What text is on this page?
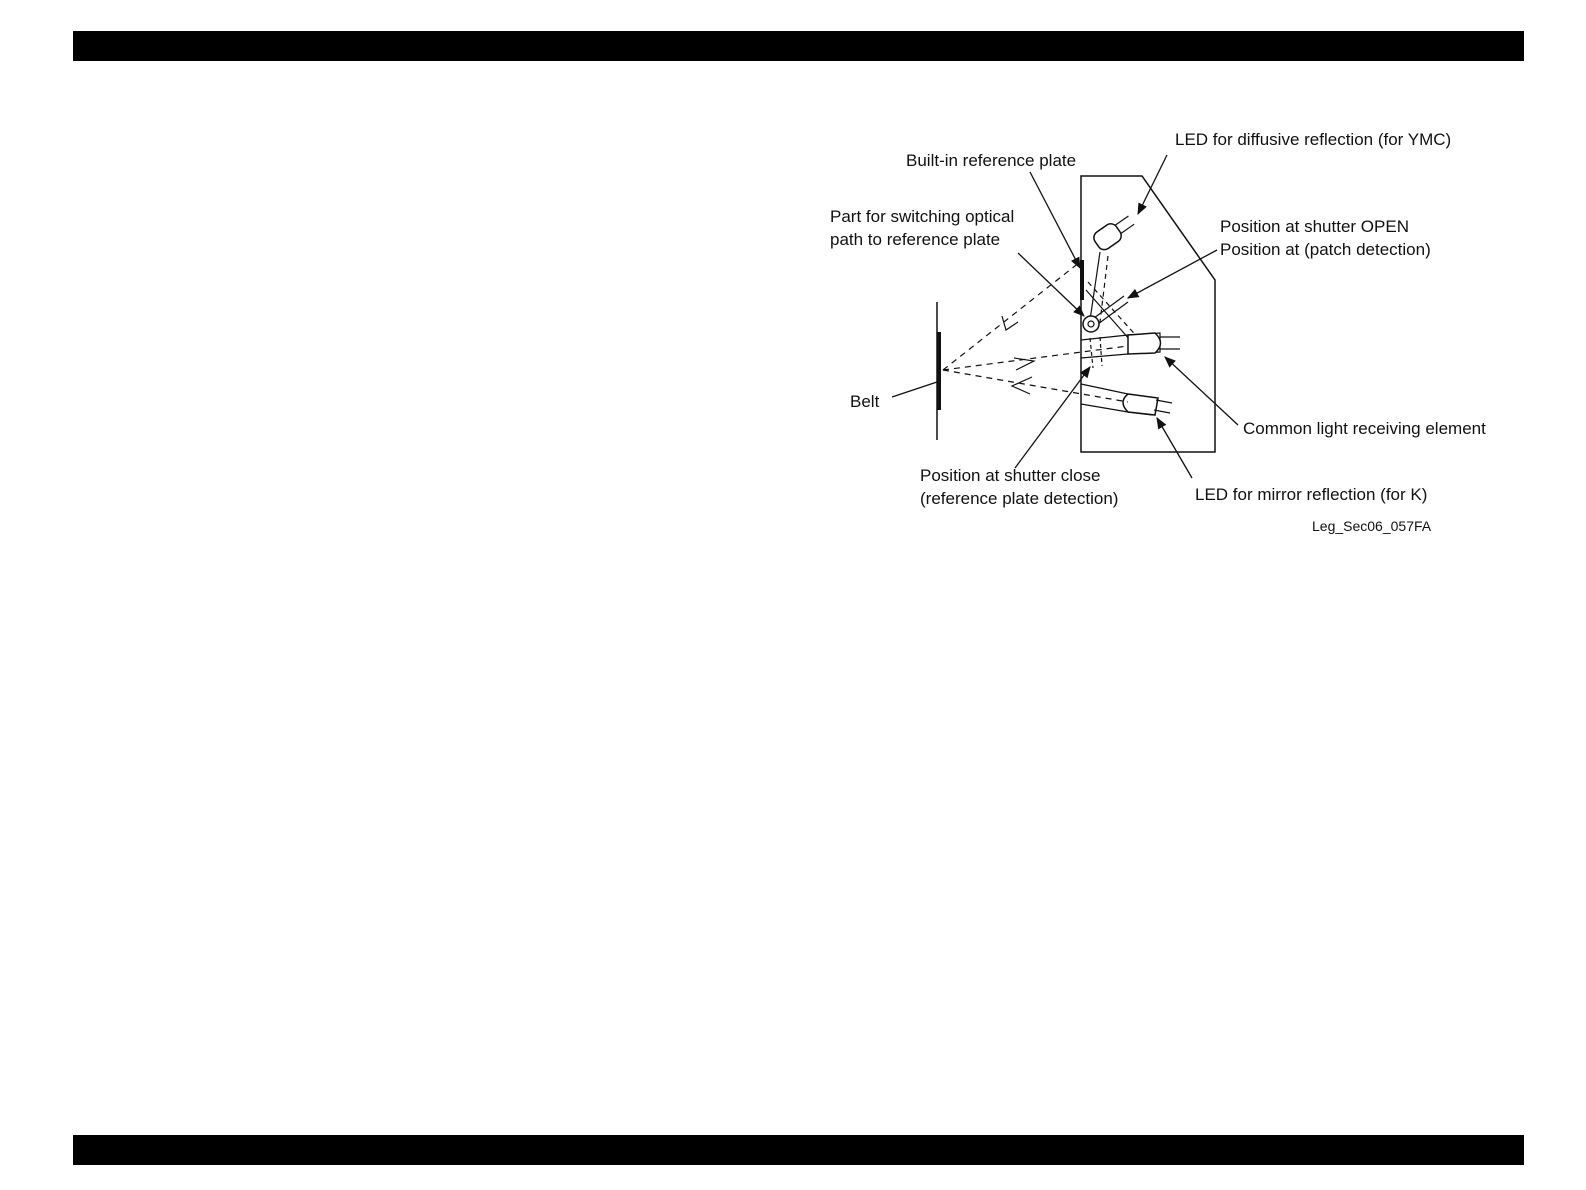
LED for diffusive reflection (for YMC)
Built-in reference plate
Part for switching optical
path to reference plate
Position at shutter OPEN
Position at (patch detection)
Belt
Common light receiving element
Position at shutter close
(reference plate detection)	LED for mirror reflection (for K)
Leg_Sec06_057FA
